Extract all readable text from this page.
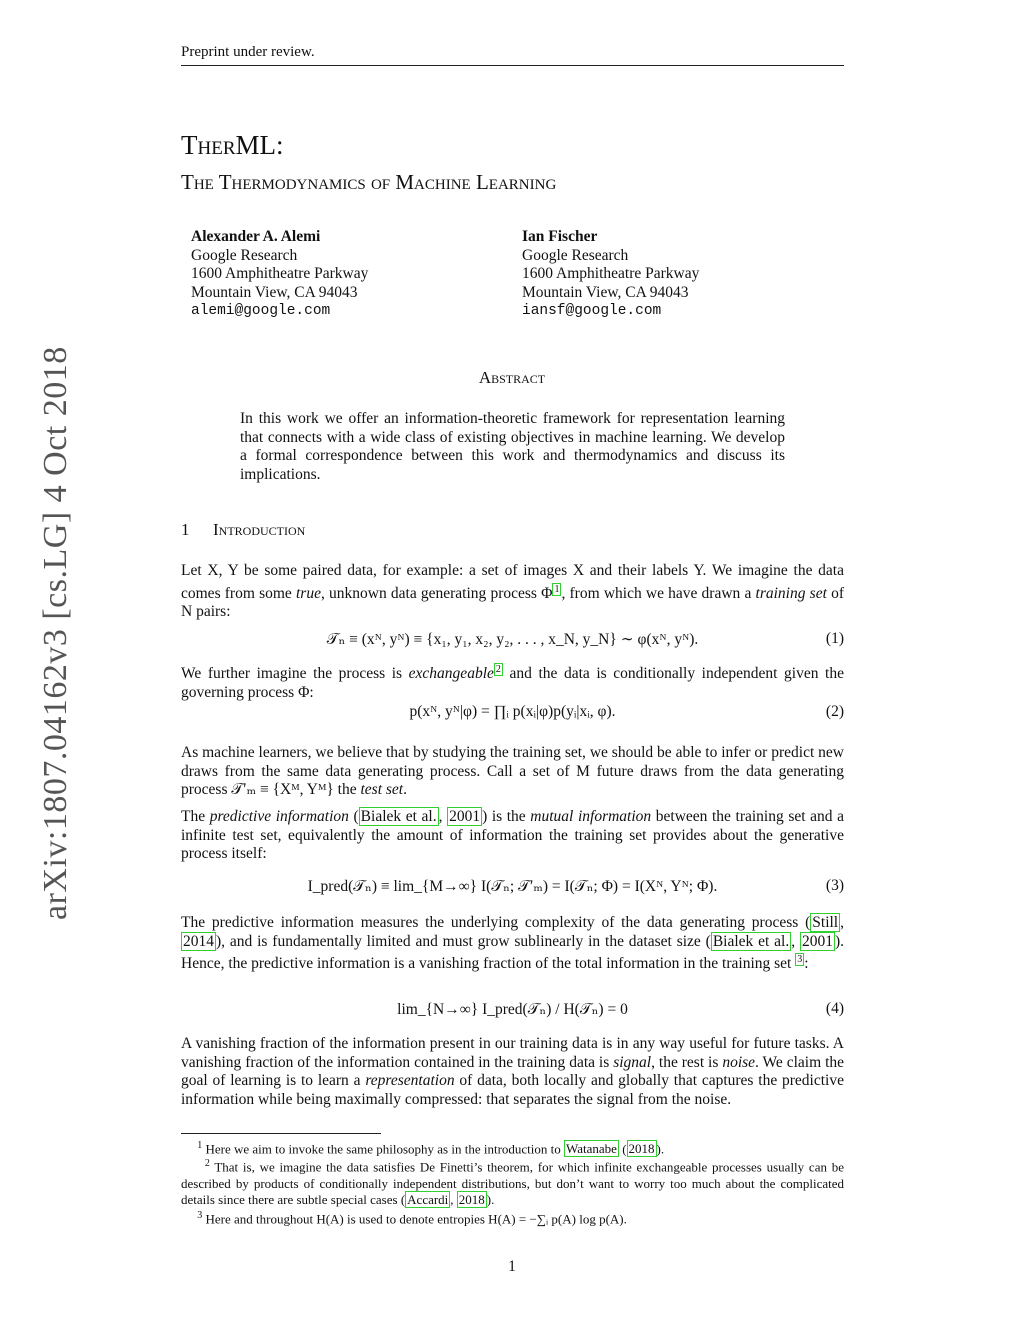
Preprint under review.
arXiv:1807.04162v3 [cs.LG] 4 Oct 2018
TherML:
The Thermodynamics of Machine Learning
Alexander A. Alemi
Google Research
1600 Amphitheatre Parkway
Mountain View, CA 94043
alemi@google.com
Ian Fischer
Google Research
1600 Amphitheatre Parkway
Mountain View, CA 94043
iansf@google.com
Abstract
In this work we offer an information-theoretic framework for representation learning that connects with a wide class of existing objectives in machine learning. We develop a formal correspondence between this work and thermodynamics and discuss its implications.
1 Introduction
Let X, Y be some paired data, for example: a set of images X and their labels Y. We imagine the data comes from some true, unknown data generating process Φ $^1$ , from which we have drawn a training set of N pairs:
𝒯ₙ ≡ (xᴺ, yᴺ) ≡ {x₁, y₁, x₂, y₂, . . . , x_N, y_N} ∼ φ(xᴺ, yᴺ).	(1)
We further imagine the process is exchangeable $^2$ and the data is conditionally independent given the governing process Φ:
p(xᴺ, yᴺ|φ) = ∏ᵢ p(xᵢ|φ)p(yᵢ|xᵢ, φ).	(2)
As machine learners, we believe that by studying the training set, we should be able to infer or predict new draws from the same data generating process. Call a set of M future draws from the data generating process 𝒯′ₘ ≡ {Xᴹ, Yᴹ} the test set.
The predictive information ( Bialek et al. , 2001 ) is the mutual information between the training set and a infinite test set, equivalently the amount of information the training set provides about the generative process itself:
I_pred(𝒯ₙ) ≡ lim_{M→∞} I(𝒯ₙ; 𝒯′ₘ) = I(𝒯ₙ; Φ) = I(Xᴺ, Yᴺ; Φ).	(3)
The predictive information measures the underlying complexity of the data generating process ( Still , 2014 ), and is fundamentally limited and must grow sublinearly in the dataset size ( Bialek et al. , 2001 ). Hence, the predictive information is a vanishing fraction of the total information in the training set $^3$ :
lim_{N→∞} I_pred(𝒯ₙ) / H(𝒯ₙ) = 0	(4)
A vanishing fraction of the information present in our training data is in any way useful for future tasks. A vanishing fraction of the information contained in the training data is signal, the rest is noise. We claim the goal of learning is to learn a representation of data, both locally and globally that captures the predictive information while being maximally compressed: that separates the signal from the noise.
$^1$ Here we aim to invoke the same philosophy as in the introduction to Watanabe ( 2018 ).
$^2$ That is, we imagine the data satisfies De Finetti’s theorem, for which infinite exchangeable processes usually can be described by products of conditionally independent distributions, but don’t want to worry too much about the complicated details since there are subtle special cases ( Accardi , 2018 ).
$^3$ Here and throughout H(A) is used to denote entropies H(A) = −∑ᵢ p(A) log p(A).
1
